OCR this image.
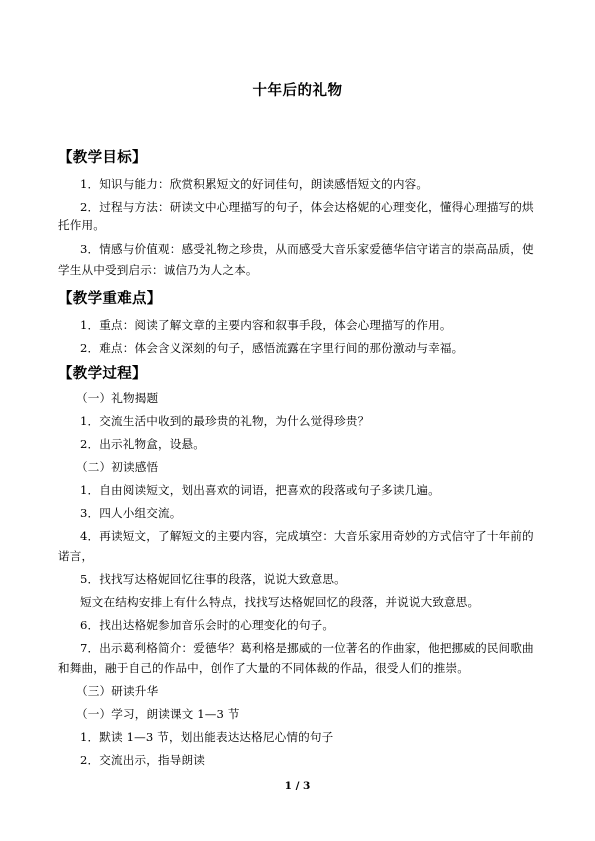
十年后的礼物
【教学目标】
1．知识与能力：欣赏积累短文的好词佳句，朗读感悟短文的内容。
2．过程与方法：研读文中心理描写的句子，体会达格妮的心理变化，懂得心理描写的烘
托作用。
3．情感与价值观：感受礼物之珍贵，从而感受大音乐家爱德华信守诺言的崇高品质，使
学生从中受到启示：诚信乃为人之本。
【教学重难点】
1．重点：阅读了解文章的主要内容和叙事手段，体会心理描写的作用。
2．难点：体会含义深刻的句子，感悟流露在字里行间的那份激动与幸福。
【教学过程】
（一）礼物揭题
1．交流生活中收到的最珍贵的礼物，为什么觉得珍贵？
2．出示礼物盒，设悬。
（二）初读感悟
1．自由阅读短文，划出喜欢的词语，把喜欢的段落或句子多读几遍。
3．四人小组交流。
4．再读短文，了解短文的主要内容，完成填空：大音乐家用奇妙的方式信守了十年前的
诺言，
5．找找写达格妮回忆往事的段落，说说大致意思。
短文在结构安排上有什么特点，找找写达格妮回忆的段落，并说说大致意思。
6．找出达格妮参加音乐会时的心理变化的句子。
7．出示葛利格简介：爱德华？葛利格是挪威的一位著名的作曲家，他把挪威的民间歌曲
和舞曲，融于自己的作品中，创作了大量的不同体裁的作品，很受人们的推崇。
（三）研读升华
（一）学习，朗读课文 1—3 节
1．默读 1—3 节，划出能表达达格尼心情的句子
2．交流出示，指导朗读
1 / 3
